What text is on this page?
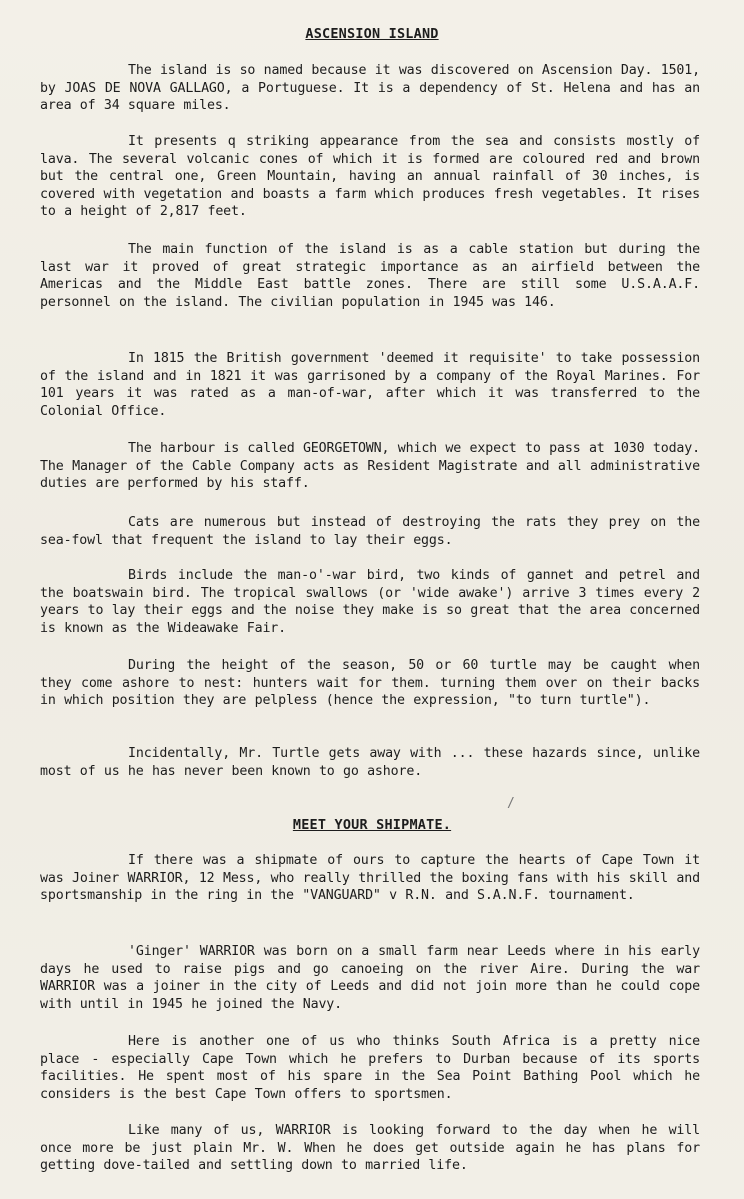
ASCENSION ISLAND
The island is so named because it was discovered on Ascension Day. 1501, by JOAS DE NOVA GALLAGO, a Portuguese. It is a dependency of St. Helena and has an area of 34 square miles.
It presents q striking appearance from the sea and consists mostly of lava. The several volcanic cones of which it is formed are coloured red and brown but the central one, Green Mountain, having an annual rainfall of 30 inches, is covered with vegetation and boasts a farm which produces fresh vegetables. It rises to a height of 2,817 feet.
The main function of the island is as a cable station but during the last war it proved of great strategic importance as an airfield between the Americas and the Middle East battle zones. There are still some U.S.A.A.F. personnel on the island. The civilian population in 1945 was 146.
In 1815 the British government 'deemed it requisite' to take possession of the island and in 1821 it was garrisoned by a company of the Royal Marines. For 101 years it was rated as a man-of-war, after which it was transferred to the Colonial Office.
The harbour is called GEORGETOWN, which we expect to pass at 1030 today. The Manager of the Cable Company acts as Resident Magistrate and all administrative duties are performed by his staff.
Cats are numerous but instead of destroying the rats they prey on the sea-fowl that frequent the island to lay their eggs.
Birds include the man-o'-war bird, two kinds of gannet and petrel and the boatswain bird. The tropical swallows (or 'wide awake') arrive 3 times every 2 years to lay their eggs and the noise they make is so great that the area concerned is known as the Wideawake Fair.
During the height of the season, 50 or 60 turtle may be caught when they come ashore to nest: hunters wait for them. turning them over on their backs in which position they are pelpless (hence the expression, "to turn turtle").
Incidentally, Mr. Turtle gets away with ... these hazards since, unlike most of us he has never been known to go ashore.
/
MEET YOUR SHIPMATE.
If there was a shipmate of ours to capture the hearts of Cape Town it was Joiner WARRIOR, 12 Mess, who really thrilled the boxing fans with his skill and sportsmanship in the ring in the "VANGUARD" v R.N. and S.A.N.F. tournament.
'Ginger' WARRIOR was born on a small farm near Leeds where in his early days he used to raise pigs and go canoeing on the river Aire. During the war WARRIOR was a joiner in the city of Leeds and did not join more than he could cope with until in 1945 he joined the Navy.
Here is another one of us who thinks South Africa is a pretty nice place - especially Cape Town which he prefers to Durban because of its sports facilities. He spent most of his spare in the Sea Point Bathing Pool which he considers is the best Cape Town offers to sportsmen.
Like many of us, WARRIOR is looking forward to the day when he will once more be just plain Mr. W. When he does get outside again he has plans for getting dove-tailed and settling down to married life.
